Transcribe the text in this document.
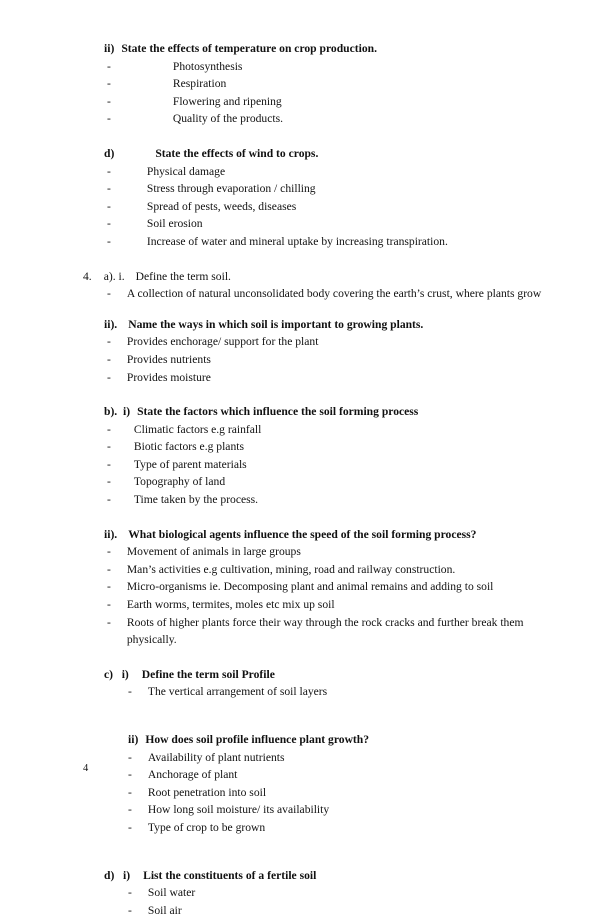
ii) State the effects of temperature on crop production.
-	Photosynthesis
-	Respiration
-	Flowering and ripening
-	Quality of the products.
d)	State the effects of wind to crops.
-	Physical damage
-	Stress through evaporation / chilling
-	Spread of pests, weeds, diseases
-	Soil erosion
-	Increase of water and mineral uptake by increasing transpiration.
4. a). i. Define the term soil.
- A collection of natural unconsolidated body covering the earth’s crust, where plants grow
ii). Name the ways in which soil is important to growing plants.
- Provides enchorage/ support for the plant
- Provides nutrients
- Provides moisture
b).  i) State the factors which influence the soil forming process
- Climatic factors e.g rainfall
- Biotic factors e.g plants
- Type of parent materials
- Topography of land
- Time taken by the process.
ii). What biological agents influence the speed of the soil forming process?
- Movement of animals in large groups
- Man’s activities e.g cultivation, mining, road and railway construction.
- Micro-organisms ie. Decomposing plant and animal remains and adding to soil
- Earth worms, termites, moles etc mix up soil
- Roots of higher plants force their way through the rock cracks and further break them physically.
c)   i) Define the term soil Profile
- The vertical arrangement of soil layers
ii) How does soil profile influence plant growth?
- Availability of plant nutrients
- Anchorage of plant
- Root penetration into soil
- How long soil moisture/ its availability
- Type of crop to be grown
d)   i) List the constituents of a fertile soil
- Soil water
- Soil air
4
